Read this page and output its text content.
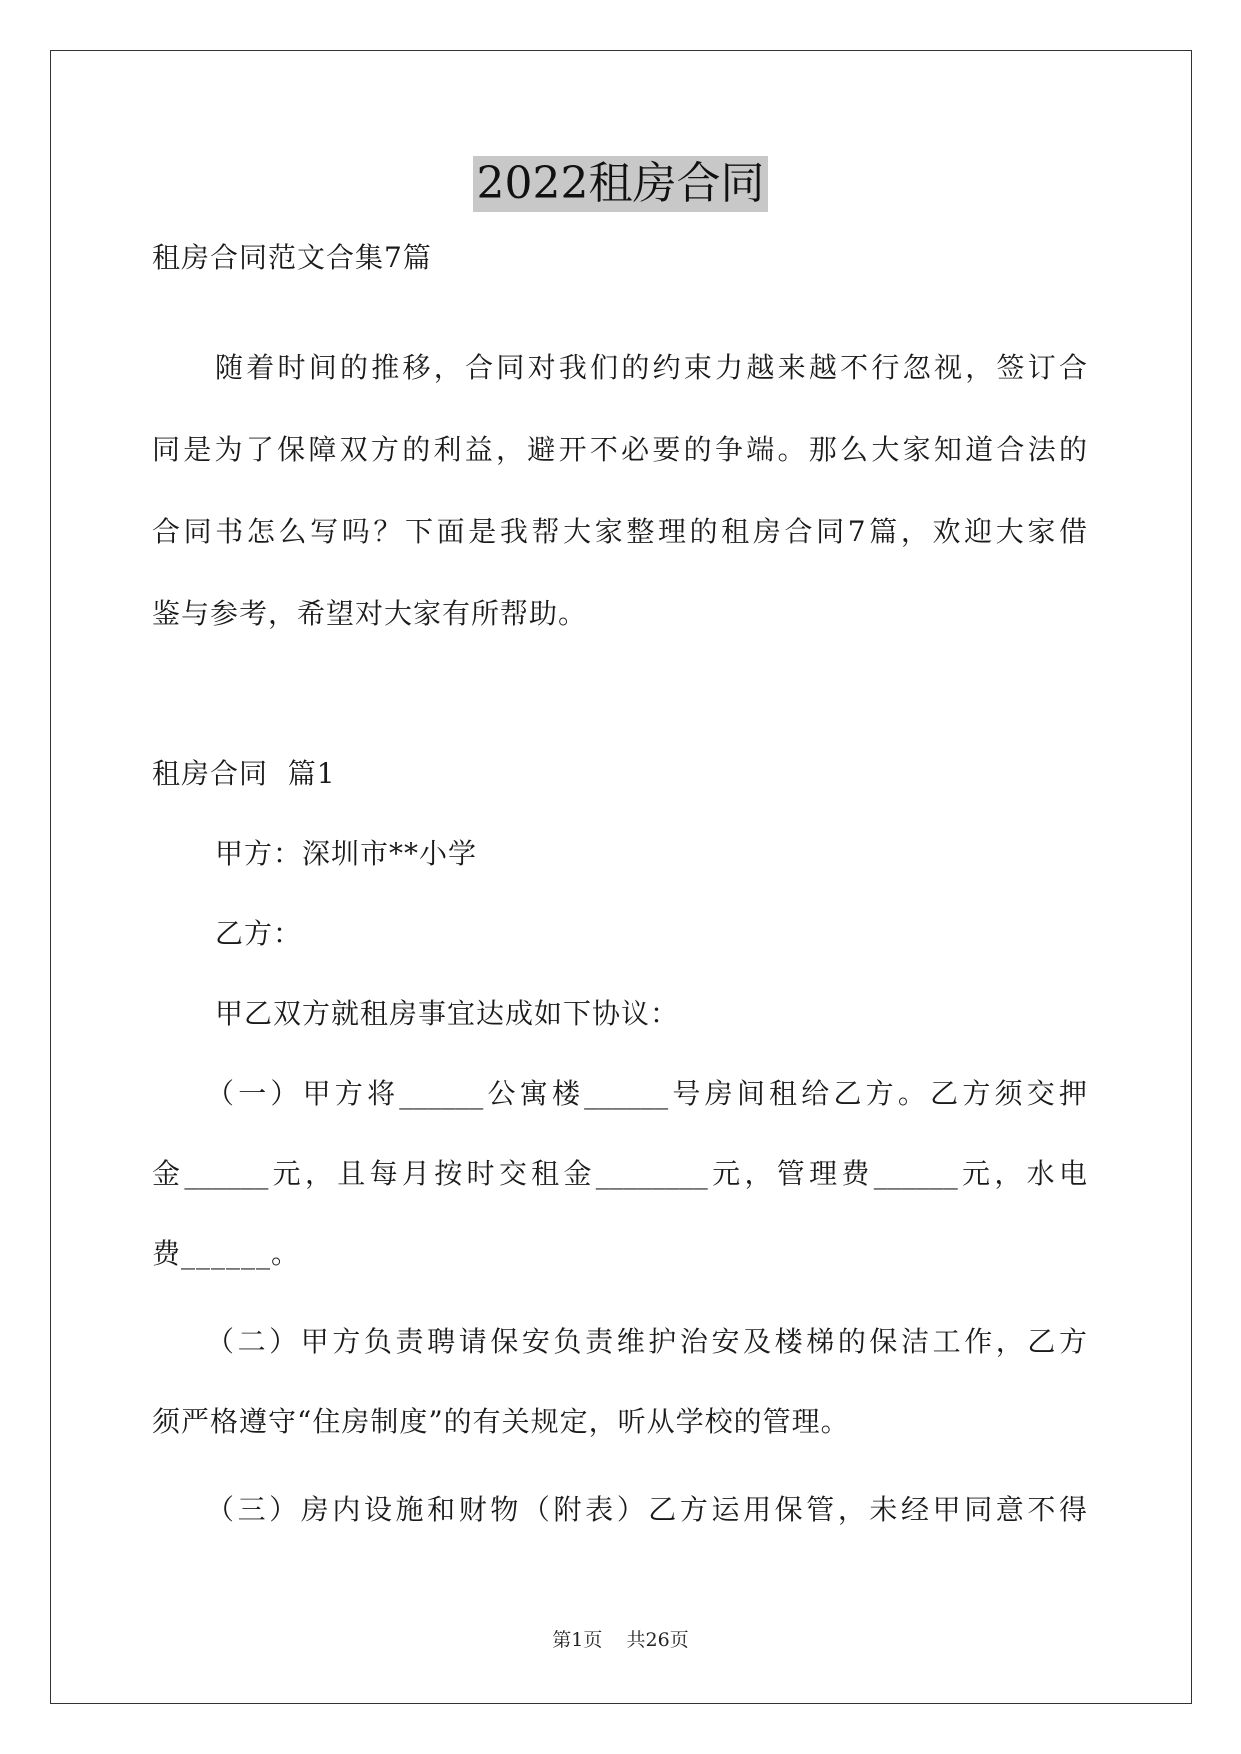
2022租房合同
租房合同范文合集7篇
随着时间的推移，合同对我们的约束力越来越不行忽视，签订合
同是为了保障双方的利益，避开不必要的争端。那么大家知道合法的
合同书怎么写吗？下面是我帮大家整理的租房合同7篇，欢迎大家借
鉴与参考，希望对大家有所帮助。
租房合同  篇1
甲方：深圳市**小学
乙方：
甲乙双方就租房事宜达成如下协议：
（一）甲方将______公寓楼______号房间租给乙方。乙方须交押
金______元，且每月按时交租金________元，管理费______元，水电
费______。
（二）甲方负责聘请保安负责维护治安及楼梯的保洁工作，乙方
须严格遵守“住房制度”的有关规定，听从学校的管理。
（三）房内设施和财物（附表）乙方运用保管，未经甲同意不得
第1页 共26页
